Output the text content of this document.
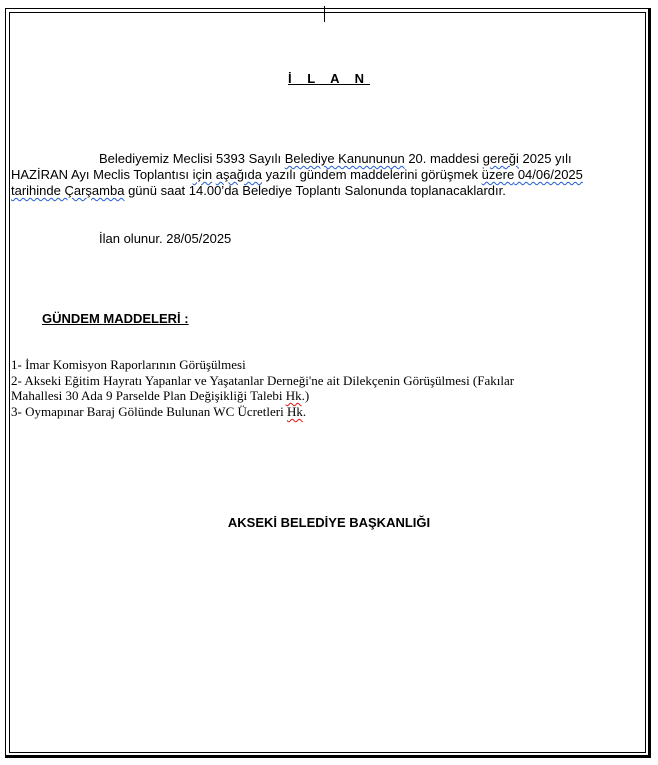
İ L A N
Belediyemiz Meclisi 5393 Sayılı Belediye Kanununun 20. maddesi gereği 2025 yılı
HAZİRAN Ayı Meclis Toplantısı için aşağıda yazılı gündem maddelerini görüşmek üzere 04/06/2025
tarihinde Çarşamba günü saat 14.00’da Belediye Toplantı Salonunda toplanacaklardır.
İlan olunur. 28/05/2025
GÜNDEM MADDELERİ :
1- İmar Komisyon Raporlarının Görüşülmesi
2- Akseki Eğitim Hayratı Yapanlar ve Yaşatanlar Derneği'ne ait Dilekçenin Görüşülmesi (Fakılar
Mahallesi 30 Ada 9 Parselde Plan Değişikliği Talebi Hk.)
3- Oymapınar Baraj Gölünde Bulunan WC Ücretleri Hk.
AKSEKİ BELEDİYE BAŞKANLIĞI
